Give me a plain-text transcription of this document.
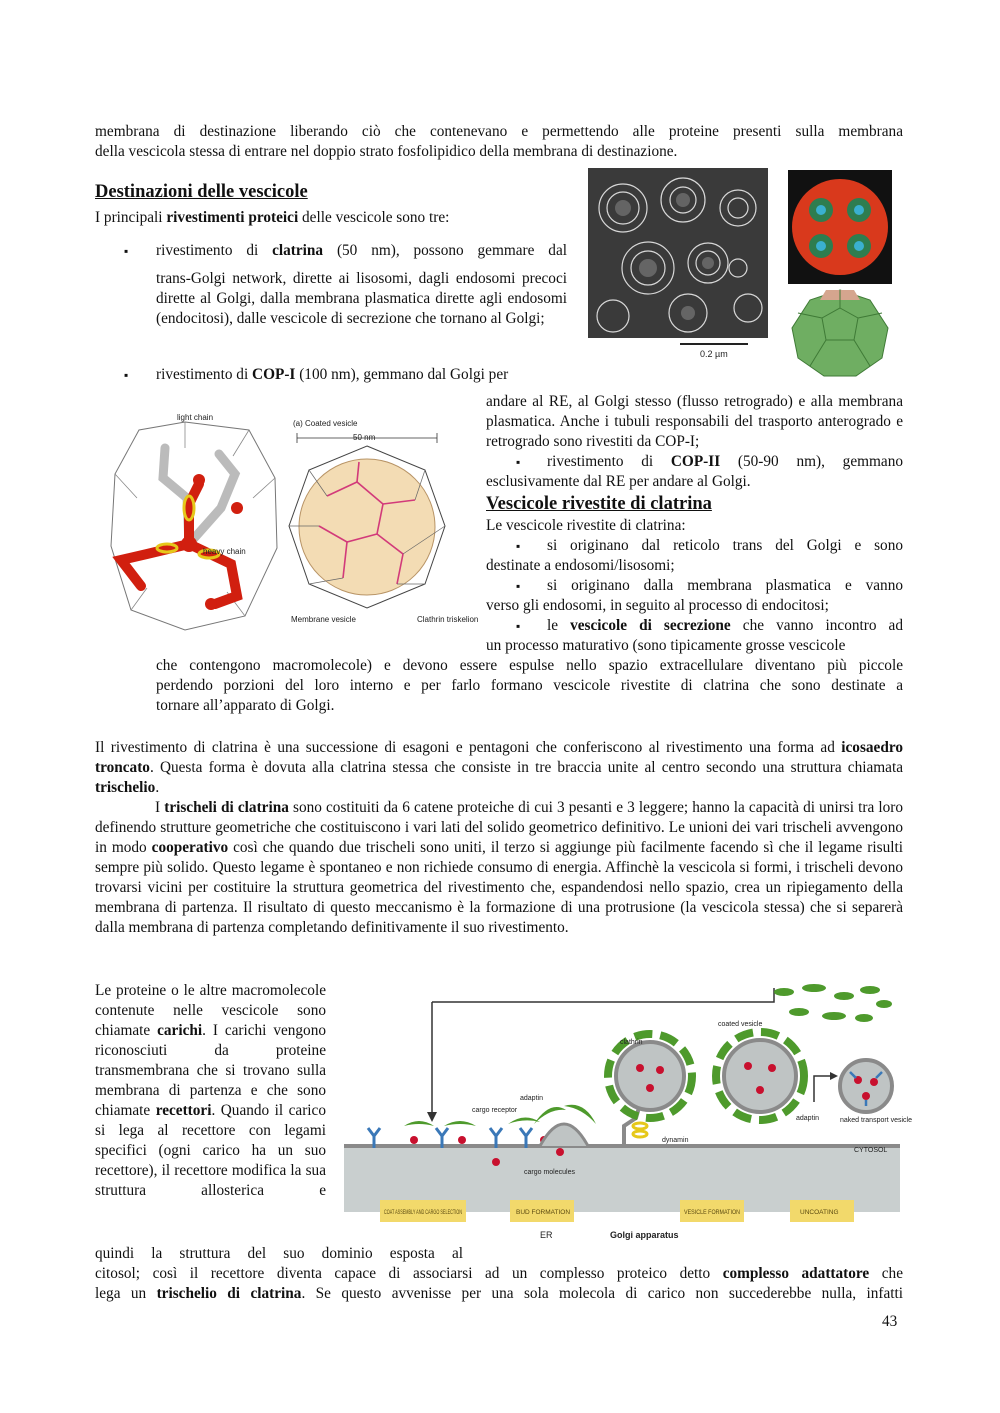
membrana di destinazione liberando ciò che contenevano e permettendo alle proteine presenti sulla membrana

della vescicola stessa di entrare nel doppio strato fosfolipidico della membrana di destinazione.

Destinazioni delle vescicole

I principali rivestimenti proteici delle vescicole sono tre:

▪ rivestimento di clatrina (50 nm), possono gemmare dal

trans-Golgi network, dirette ai lisosomi, dagli endosomi precoci dirette al Golgi, dalla membrana plasmatica dirette agli endosomi (endocitosi), dalle vescicole di secrezione che tornano al Golgi;

▪ rivestimento di COP-I (100 nm), gemmano dal Golgi per

andare al RE, al Golgi stesso (flusso retrogrado) e alla membrana plasmatica. Anche i tubuli responsabili del trasporto anterogrado e retrogrado sono rivestiti da COP-I;

▪ rivestimento di COP-II (50-90 nm), gemmano

esclusivamente dal RE per andare al Golgi.

Vescicole rivestite di clatrina

Le vescicole rivestite di clatrina:

▪ si originano dal reticolo trans del Golgi e sono

destinate a endosomi/lisosomi;

▪ si originano dalla membrana plasmatica e vanno

verso gli endosomi, in seguito al processo di endocitosi;

▪ le vescicole di secrezione che vanno incontro ad

un processo maturativo (sono tipicamente grosse vescicole

che contengono macromolecole) e devono essere espulse nello spazio extracellulare diventano più piccole

perdendo porzioni del loro interno e per farlo formano vescicole rivestite di clatrina che sono destinate a

tornare all’apparato di Golgi.

Il rivestimento di clatrina è una successione di esagoni e pentagoni che conferiscono al rivestimento una forma ad icosaedro troncato. Questa forma è dovuta alla clatrina stessa che consiste in tre braccia unite al centro secondo una struttura chiamata trischelio.

I trischeli di clatrina sono costituiti da 6 catene proteiche di cui 3 pesanti e 3 leggere; hanno la capacità di unirsi tra loro definendo strutture geometriche che costituiscono i vari lati del solido geometrico definitivo. Le unioni dei vari trischeli avvengono in modo cooperativo così che quando due trischeli sono uniti, il terzo si aggiunge più facilmente facendo sì che il legame risulti sempre più solido. Questo legame è spontaneo e non richiede consumo di energia. Affinchè la vescicola si formi, i trischeli devono trovarsi vicini per costituire la struttura geometrica del rivestimento che, espandendosi nello spazio, crea un ripiegamento della membrana di partenza. Il risultato di questo meccanismo è la formazione di una protrusione (la vescicola stessa) che si separerà dalla membrana di partenza completando definitivamente il suo rivestimento.

Le proteine o le altre macromolecole contenute nelle vescicole sono chiamate carichi. I carichi vengono riconosciuti da proteine transmembrana che si trovano sulla membrana di partenza e che sono chiamate recettori. Quando il carico si lega al recettore con legami specifici (ogni carico ha un suo recettore), il recettore modifica la sua struttura allosterica e

quindi la struttura del suo dominio esposta al

citosol; così il recettore diventa capace di associarsi ad un complesso proteico detto complesso adattatore che

lega un trischelio di clatrina. Se questo avvenisse per una sola molecola di carico non succederebbe nulla, infatti

43
0.2 µm
light chain
heavy chain
(a) Coated vesicle
50 nm
Membrane vesicle	Clathrin triskelion
clathrin
coated vesicle
cargo receptor
adaptin
adaptin
dynamin
cargo molecules
naked transport vesicle
CYTOSOL
COAT ASSEMBLY AND CARGO SELECTION	BUD FORMATION	VESICLE FORMATION	UNCOATING
ER	Golgi apparatus
